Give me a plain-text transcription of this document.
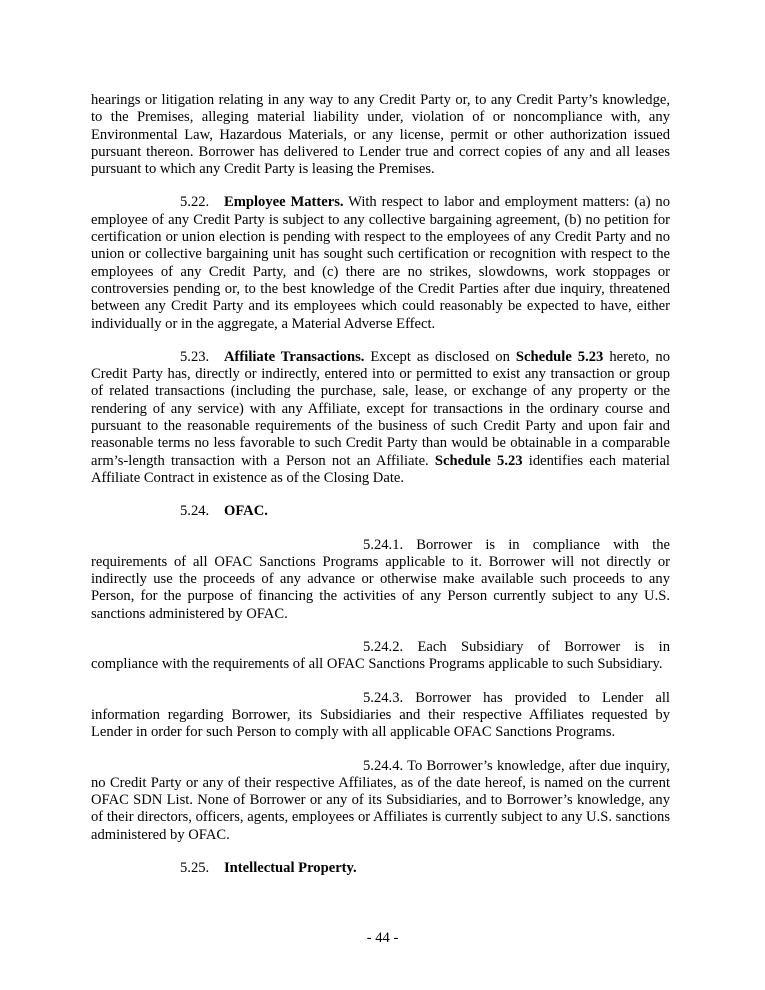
hearings or litigation relating in any way to any Credit Party or, to any Credit Party’s knowledge, to the Premises, alleging material liability under, violation of or noncompliance with, any Environmental Law, Hazardous Materials, or any license, permit or other authorization issued pursuant thereon. Borrower has delivered to Lender true and correct copies of any and all leases pursuant to which any Credit Party is leasing the Premises.

5.22. Employee Matters. With respect to labor and employment matters: (a) no employee of any Credit Party is subject to any collective bargaining agreement, (b) no petition for certification or union election is pending with respect to the employees of any Credit Party and no union or collective bargaining unit has sought such certification or recognition with respect to the employees of any Credit Party, and (c) there are no strikes, slowdowns, work stoppages or controversies pending or, to the best knowledge of the Credit Parties after due inquiry, threatened between any Credit Party and its employees which could reasonably be expected to have, either individually or in the aggregate, a Material Adverse Effect.

5.23. Affiliate Transactions. Except as disclosed on Schedule 5.23 hereto, no Credit Party has, directly or indirectly, entered into or permitted to exist any transaction or group of related transactions (including the purchase, sale, lease, or exchange of any property or the rendering of any service) with any Affiliate, except for transactions in the ordinary course and pursuant to the reasonable requirements of the business of such Credit Party and upon fair and reasonable terms no less favorable to such Credit Party than would be obtainable in a comparable arm’s-length transaction with a Person not an Affiliate. Schedule 5.23 identifies each material Affiliate Contract in existence as of the Closing Date.

5.24. OFAC.

5.24.1. Borrower is in compliance with the requirements of all OFAC Sanctions Programs applicable to it. Borrower will not directly or indirectly use the proceeds of any advance or otherwise make available such proceeds to any Person, for the purpose of financing the activities of any Person currently subject to any U.S. sanctions administered by OFAC.

5.24.2. Each Subsidiary of Borrower is in compliance with the requirements of all OFAC Sanctions Programs applicable to such Subsidiary.

5.24.3. Borrower has provided to Lender all information regarding Borrower, its Subsidiaries and their respective Affiliates requested by Lender in order for such Person to comply with all applicable OFAC Sanctions Programs.

5.24.4. To Borrower’s knowledge, after due inquiry, no Credit Party or any of their respective Affiliates, as of the date hereof, is named on the current OFAC SDN List. None of Borrower or any of its Subsidiaries, and to Borrower’s knowledge, any of their directors, officers, agents, employees or Affiliates is currently subject to any U.S. sanctions administered by OFAC.

5.25. Intellectual Property.

- 44 -
